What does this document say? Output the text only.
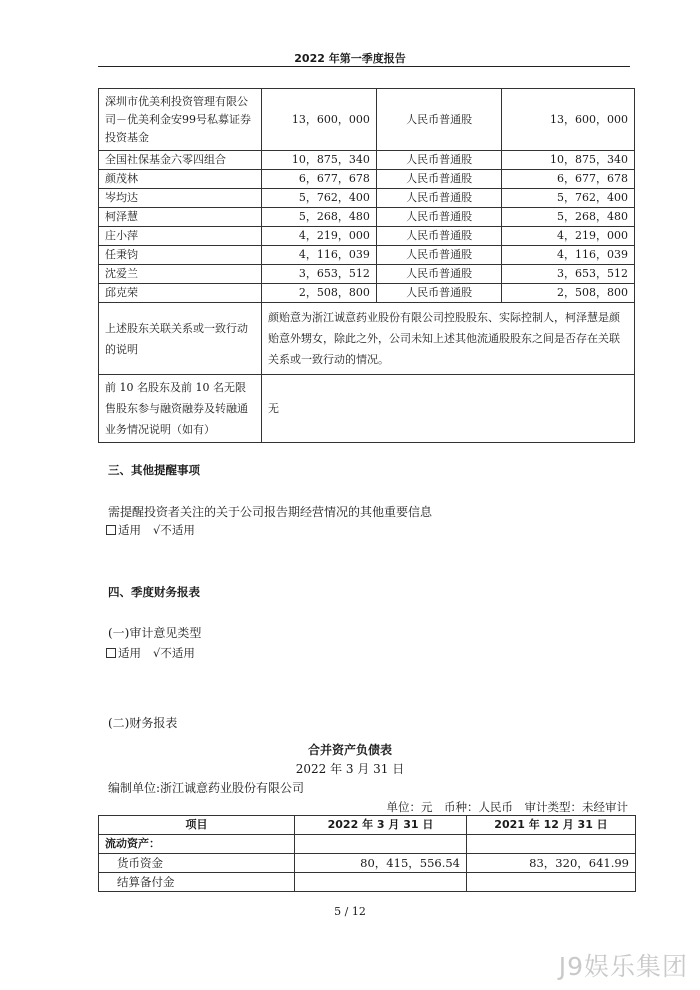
2022 年第一季度报告
深圳市优美利投资管理有限公司－优美利金安99号私募证券投资基金	13，600，000	人民币普通股	13，600，000
全国社保基金六零四组合	10，875，340	人民币普通股	10，875，340
颜茂林	6，677，678	人民币普通股	6，677，678
岑均达	5，762，400	人民币普通股	5，762，400
柯泽慧	5，268，480	人民币普通股	5，268，480
庄小萍	4，219，000	人民币普通股	4，219，000
任秉钧	4，116，039	人民币普通股	4，116，039
沈爱兰	3，653，512	人民币普通股	3，653，512
邱克荣	2，508，800	人民币普通股	2，508，800
上述股东关联关系或一致行动的说明	颜贻意为浙江诚意药业股份有限公司控股股东、实际控制人，柯泽慧是颜贻意外甥女，除此之外，公司未知上述其他流通股股东之间是否存在关联关系或一致行动的情况。		
前 10 名股东及前 10 名无限售股东参与融资融券及转融通业务情况说明（如有）	无		
三、其他提醒事项
需提醒投资者关注的关于公司报告期经营情况的其他重要信息
适用 √不适用
四、季度财务报表
(一)审计意见类型
适用 √不适用
(二)财务报表
合并资产负债表
2022 年 3 月 31 日
编制单位:浙江诚意药业股份有限公司
单位：元　币种：人民币　审计类型：未经审计
项目	2022 年 3 月 31 日	2021 年 12 月 31 日
流动资产：		
货币资金	80，415，556.54	83，320，641.99
结算备付金		
5 / 12
J9娱乐集团
